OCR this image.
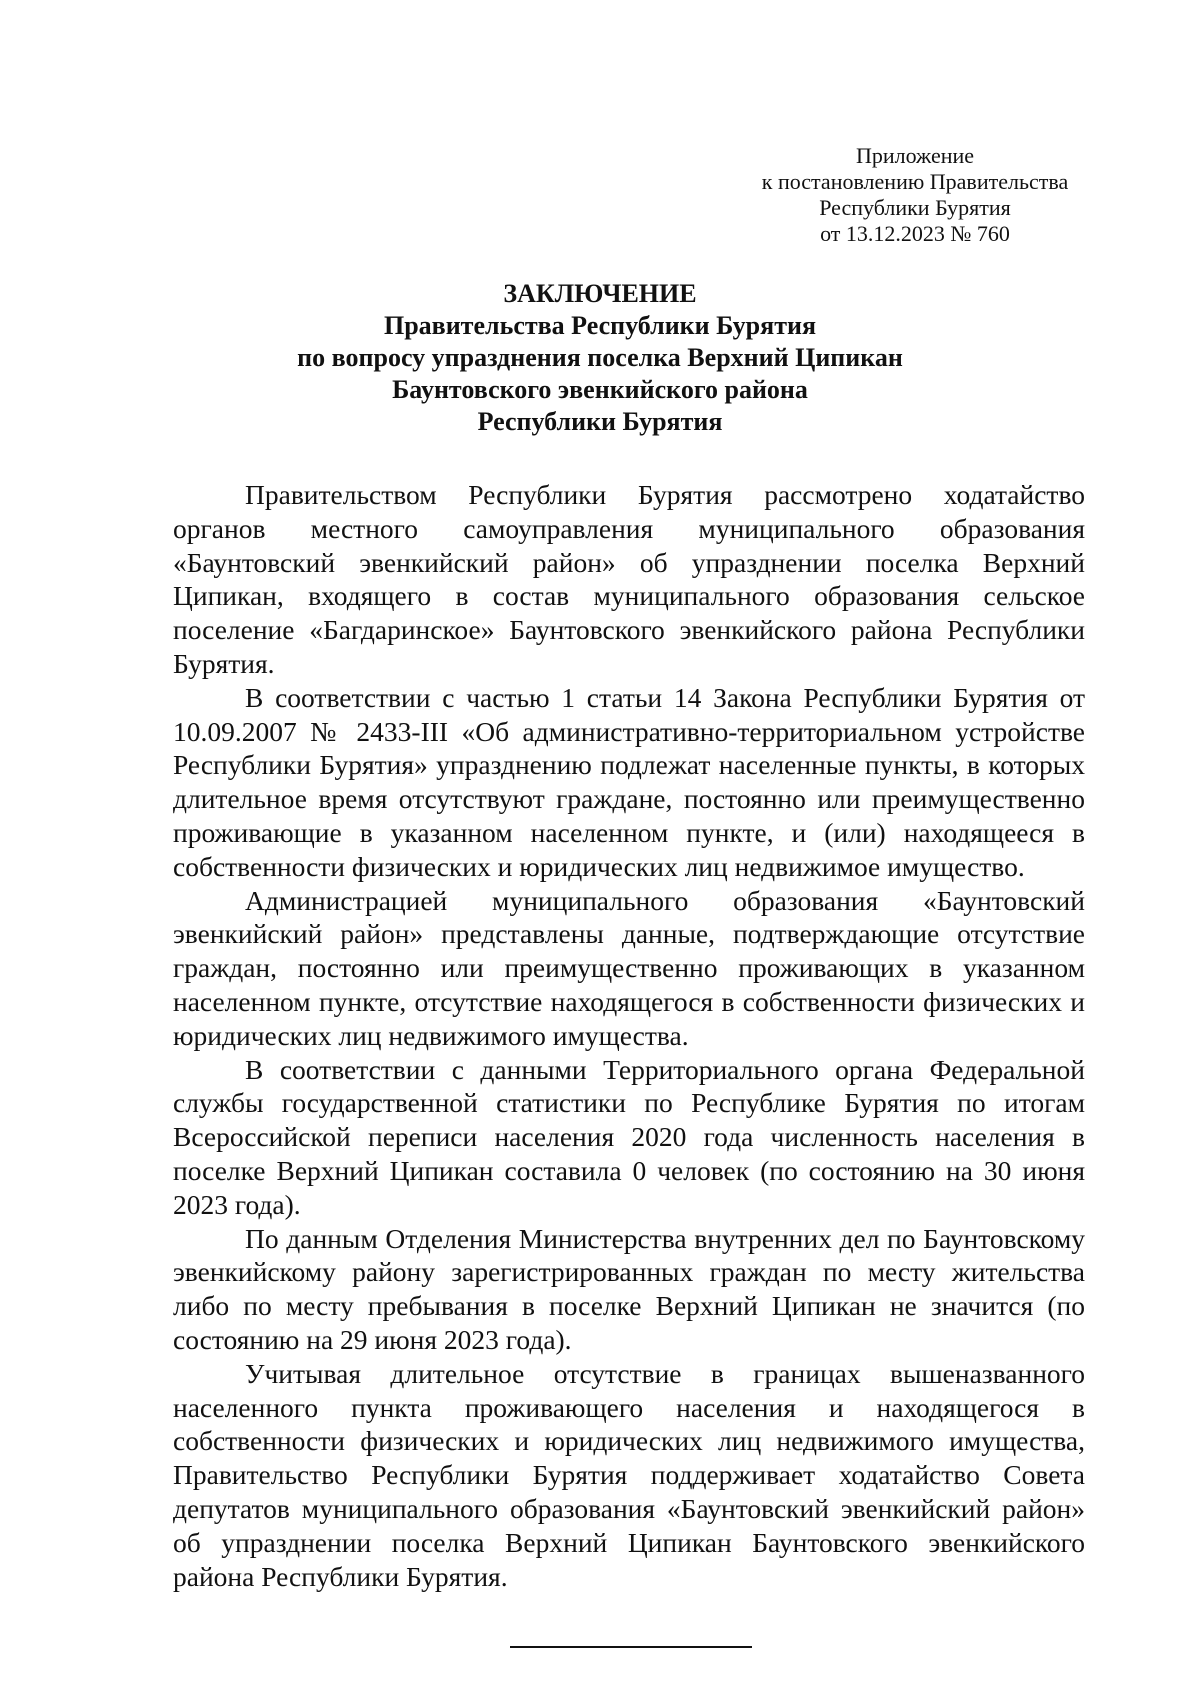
Приложение
к постановлению Правительства
Республики Бурятия
от 13.12.2023 № 760
ЗАКЛЮЧЕНИЕ
Правительства Республики Бурятия
по вопросу упразднения поселка Верхний Ципикан
Баунтовского эвенкийского района
Республики Бурятия

Правительством Республики Бурятия рассмотрено ходатайство органов местного самоуправления муниципального образования «Баунтовский эвенкийский район» об упразднении поселка Верхний Ципикан, входящего в состав муниципального образования сельское поселение «Багдаринское» Баунтовского эвенкийского района Республики Бурятия.

В соответствии с частью 1 статьи 14 Закона Республики Бурятия от 10.09.2007 № 2433-III «Об административно-территориальном устройстве Республики Бурятия» упразднению подлежат населенные пункты, в которых длительное время отсутствуют граждане, постоянно или преимущественно проживающие в указанном населенном пункте, и (или) находящееся в собственности физических и юридических лиц недвижимое имущество.

Администрацией муниципального образования «Баунтовский эвенкийский район» представлены данные, подтверждающие отсутствие граждан, постоянно или преимущественно проживающих в указанном населенном пункте, отсутствие находящегося в собственности физических и юридических лиц недвижимого имущества.

В соответствии с данными Территориального органа Федеральной службы государственной статистики по Республике Бурятия по итогам Всероссийской переписи населения 2020 года численность населения в поселке Верхний Ципикан составила 0 человек (по состоянию на 30 июня 2023 года).

По данным Отделения Министерства внутренних дел по Баунтовскому эвенкийскому району зарегистрированных граждан по месту жительства либо по месту пребывания в поселке Верхний Ципикан не значится (по состоянию на 29 июня 2023 года).

Учитывая длительное отсутствие в границах вышеназванного населенного пункта проживающего населения и находящегося в собственности физических и юридических лиц недвижимого имущества, Правительство Республики Бурятия поддерживает ходатайство Совета депутатов муниципального образования «Баунтовский эвенкийский район» об упразднении поселка Верхний Ципикан Баунтовского эвенкийского района Республики Бурятия.
